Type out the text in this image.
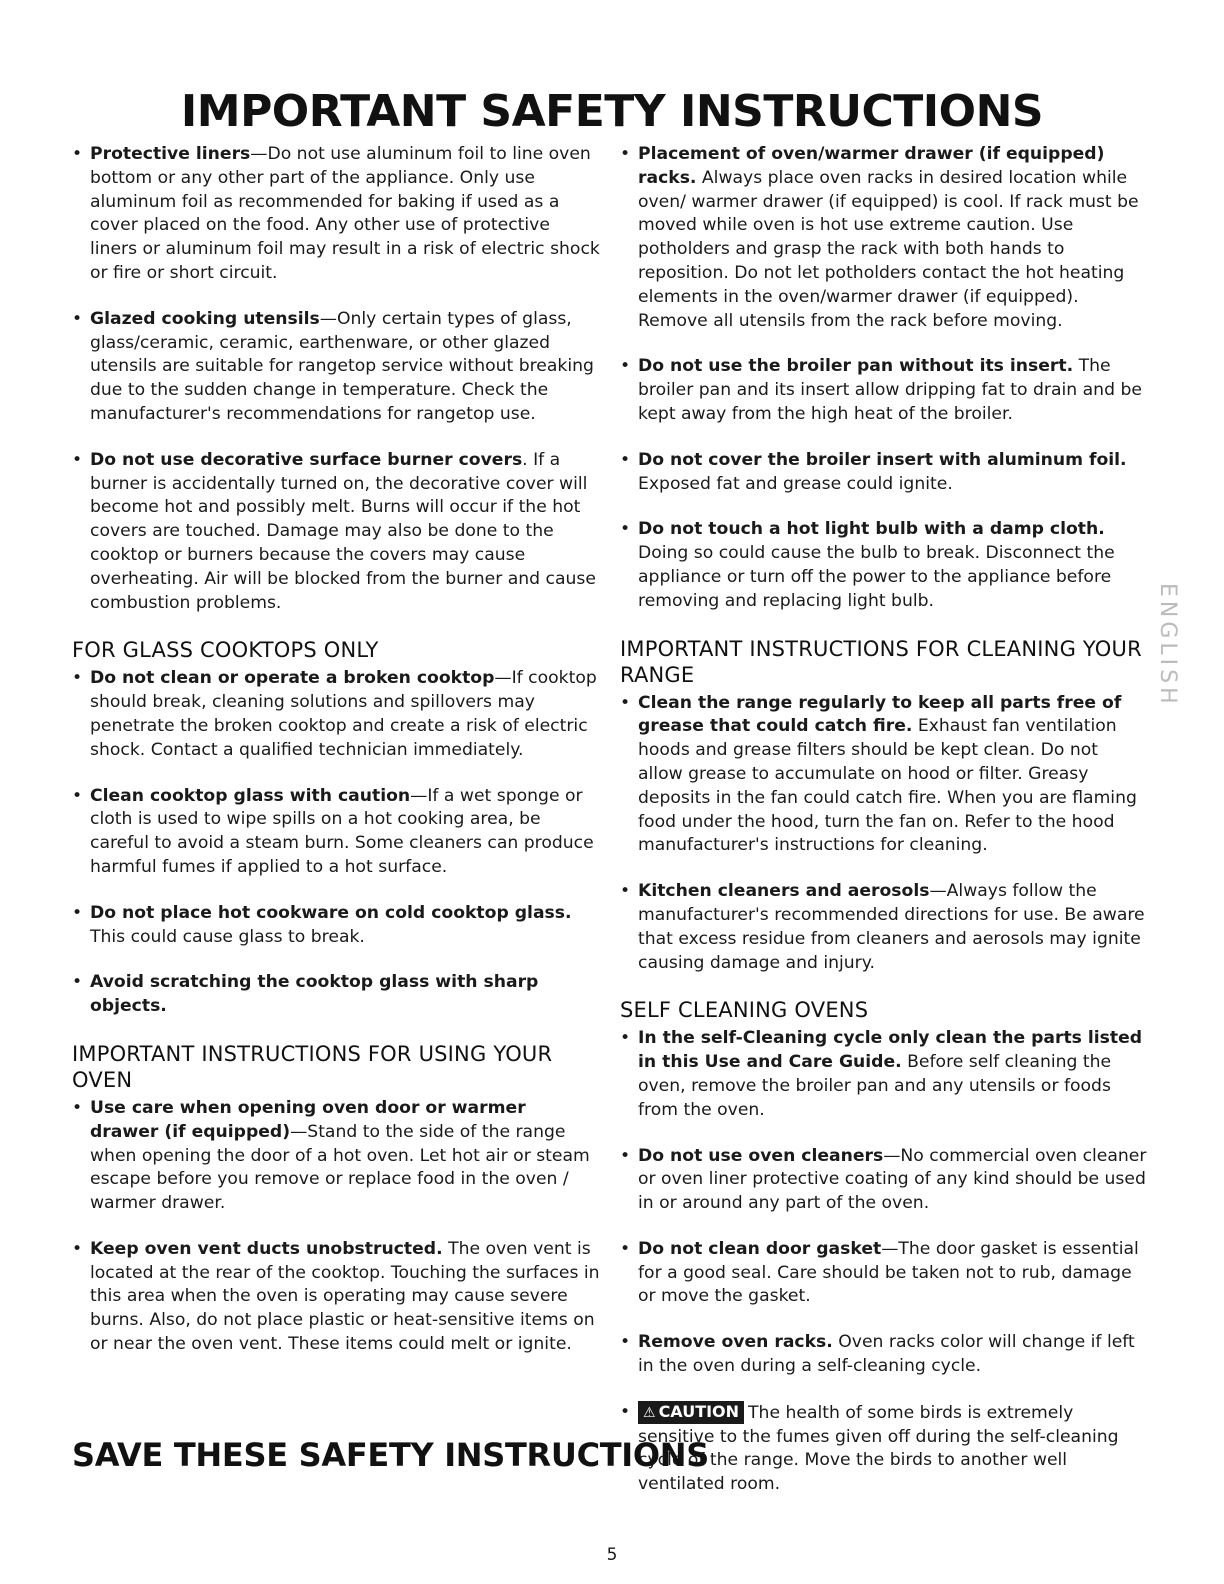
IMPORTANT SAFETY INSTRUCTIONS
• Protective liners—Do not use aluminum foil to line oven bottom or any other part of the appliance. Only use aluminum foil as recommended for baking if used as a cover placed on the food. Any other use of protective liners or aluminum foil may result in a risk of electric shock or fire or short circuit.
• Glazed cooking utensils—Only certain types of glass, glass/ceramic, ceramic, earthenware, or other glazed utensils are suitable for rangetop service without breaking due to the sudden change in temperature. Check the manufacturer's recommendations for rangetop use.
• Do not use decorative surface burner covers. If a burner is accidentally turned on, the decorative cover will become hot and possibly melt. Burns will occur if the hot covers are touched. Damage may also be done to the cooktop or burners because the covers may cause overheating. Air will be blocked from the burner and cause combustion problems.
FOR GLASS COOKTOPS ONLY
• Do not clean or operate a broken cooktop—If cooktop should break, cleaning solutions and spillovers may penetrate the broken cooktop and create a risk of electric shock. Contact a qualified technician immediately.
• Clean cooktop glass with caution—If a wet sponge or cloth is used to wipe spills on a hot cooking area, be careful to avoid a steam burn. Some cleaners can produce harmful fumes if applied to a hot surface.
• Do not place hot cookware on cold cooktop glass. This could cause glass to break.
• Avoid scratching the cooktop glass with sharp objects.
IMPORTANT INSTRUCTIONS FOR USING YOUR OVEN
• Use care when opening oven door or warmer drawer (if equipped)—Stand to the side of the range when opening the door of a hot oven. Let hot air or steam escape before you remove or replace food in the oven / warmer drawer.
• Keep oven vent ducts unobstructed. The oven vent is located at the rear of the cooktop. Touching the surfaces in this area when the oven is operating may cause severe burns. Also, do not place plastic or heat-sensitive items on or near the oven vent. These items could melt or ignite.
• Placement of oven/warmer drawer (if equipped) racks. Always place oven racks in desired location while oven/ warmer drawer (if equipped) is cool. If rack must be moved while oven is hot use extreme caution. Use potholders and grasp the rack with both hands to reposition. Do not let potholders contact the hot heating elements in the oven/warmer drawer (if equipped). Remove all utensils from the rack before moving.
• Do not use the broiler pan without its insert. The broiler pan and its insert allow dripping fat to drain and be kept away from the high heat of the broiler.
• Do not cover the broiler insert with aluminum foil. Exposed fat and grease could ignite.
• Do not touch a hot light bulb with a damp cloth. Doing so could cause the bulb to break. Disconnect the appliance or turn off the power to the appliance before removing and replacing light bulb.
IMPORTANT INSTRUCTIONS FOR CLEANING YOUR RANGE
• Clean the range regularly to keep all parts free of grease that could catch fire. Exhaust fan ventilation hoods and grease filters should be kept clean. Do not allow grease to accumulate on hood or filter. Greasy deposits in the fan could catch fire. When you are flaming food under the hood, turn the fan on. Refer to the hood manufacturer's instructions for cleaning.
• Kitchen cleaners and aerosols—Always follow the manufacturer's recommended directions for use. Be aware that excess residue from cleaners and aerosols may ignite causing damage and injury.
SELF CLEANING OVENS
• In the self-Cleaning cycle only clean the parts listed in this Use and Care Guide. Before self cleaning the oven, remove the broiler pan and any utensils or foods from the oven.
• Do not use oven cleaners—No commercial oven cleaner or oven liner protective coating of any kind should be used in or around any part of the oven.
• Do not clean door gasket—The door gasket is essential for a good seal. Care should be taken not to rub, damage or move the gasket.
• Remove oven racks. Oven racks color will change if left in the oven during a self-cleaning cycle.
• ⚠ CAUTION The health of some birds is extremely sensitive to the fumes given off during the self-cleaning cycle of the range. Move the birds to another well ventilated room.
SAVE THESE SAFETY INSTRUCTIONS
ENGLISH
5
